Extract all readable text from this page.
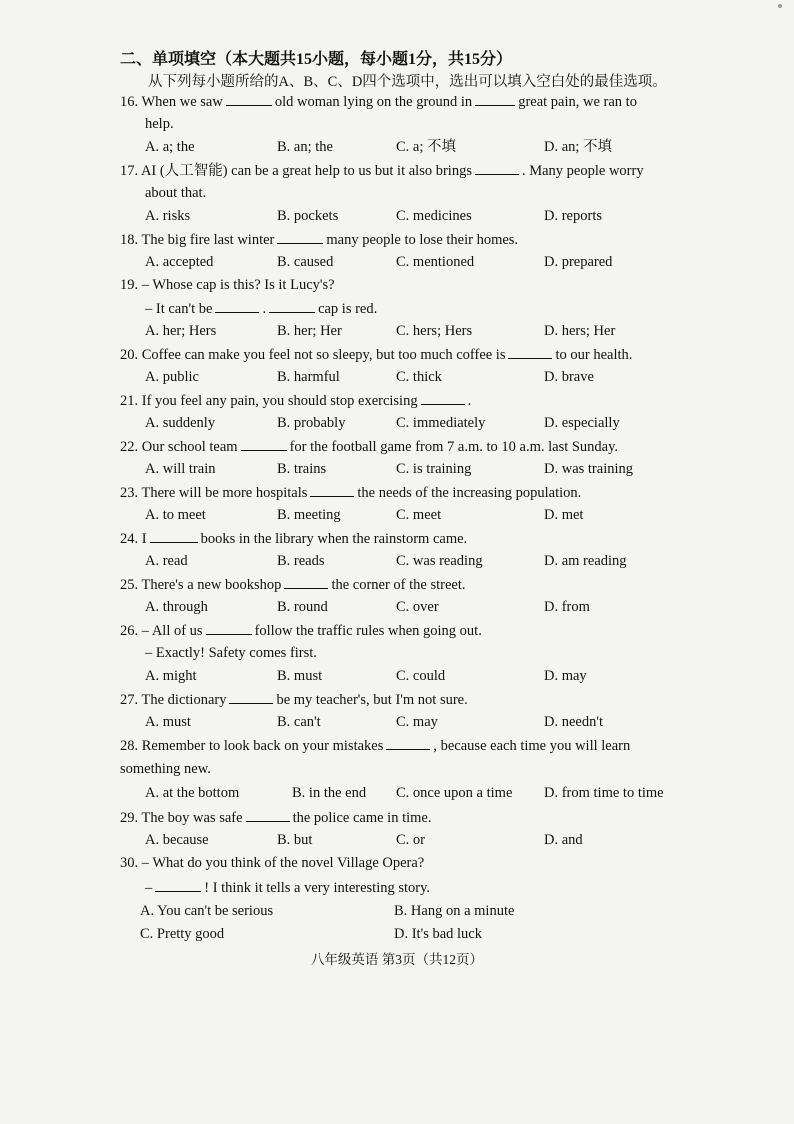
二、单项填空（本大题共15小题，每小题1分，共15分）
从下列每小题所给的A、B、C、D四个选项中，选出可以填入空白处的最佳选项。
16. When we saw	old woman lying on the ground in	great pain, we ran to
help.
A. a; the	B. an; the	C. a; 不填	D. an; 不填
17. AI (人工智能) can be a great help to us but it also brings	. Many people worry
about that.
A. risks	B. pockets	C. medicines	D. reports
18. The big fire last winter	many people to lose their homes.
A. accepted	B. caused	C. mentioned	D. prepared
19. – Whose cap is this? Is it Lucy's?
– It can't be	.	cap is red.
A. her; Hers	B. her; Her	C. hers; Hers	D. hers; Her
20. Coffee can make you feel not so sleepy, but too much coffee is	to our health.
A. public	B. harmful	C. thick	D. brave
21. If you feel any pain, you should stop exercising	.
A. suddenly	B. probably	C. immediately	D. especially
22. Our school team	for the football game from 7 a.m. to 10 a.m. last Sunday.
A. will train	B. trains	C. is training	D. was training
23. There will be more hospitals	the needs of the increasing population.
A. to meet	B. meeting	C. meet	D. met
24. I	books in the library when the rainstorm came.
A. read	B. reads	C. was reading	D. am reading
25. There's a new bookshop	the corner of the street.
A. through	B. round	C. over	D. from
26. – All of us	follow the traffic rules when going out.
– Exactly! Safety comes first.
A. might	B. must	C. could	D. may
27. The dictionary	be my teacher's, but I'm not sure.
A. must	B. can't	C. may	D. needn't
28. Remember to look back on your mistakes	, because each time you will learn
something new.
A. at the bottom	B. in the end C. once upon a time D. from time to time
29. The boy was safe	the police came in time.
A. because	B. but	C. or	D. and
30. – What do you think of the novel Village Opera?
–	! I think it tells a very interesting story.
A. You can't be serious	B. Hang on a minute
C. Pretty good	D. It's bad luck
八年级英语 第3页（共12页）
